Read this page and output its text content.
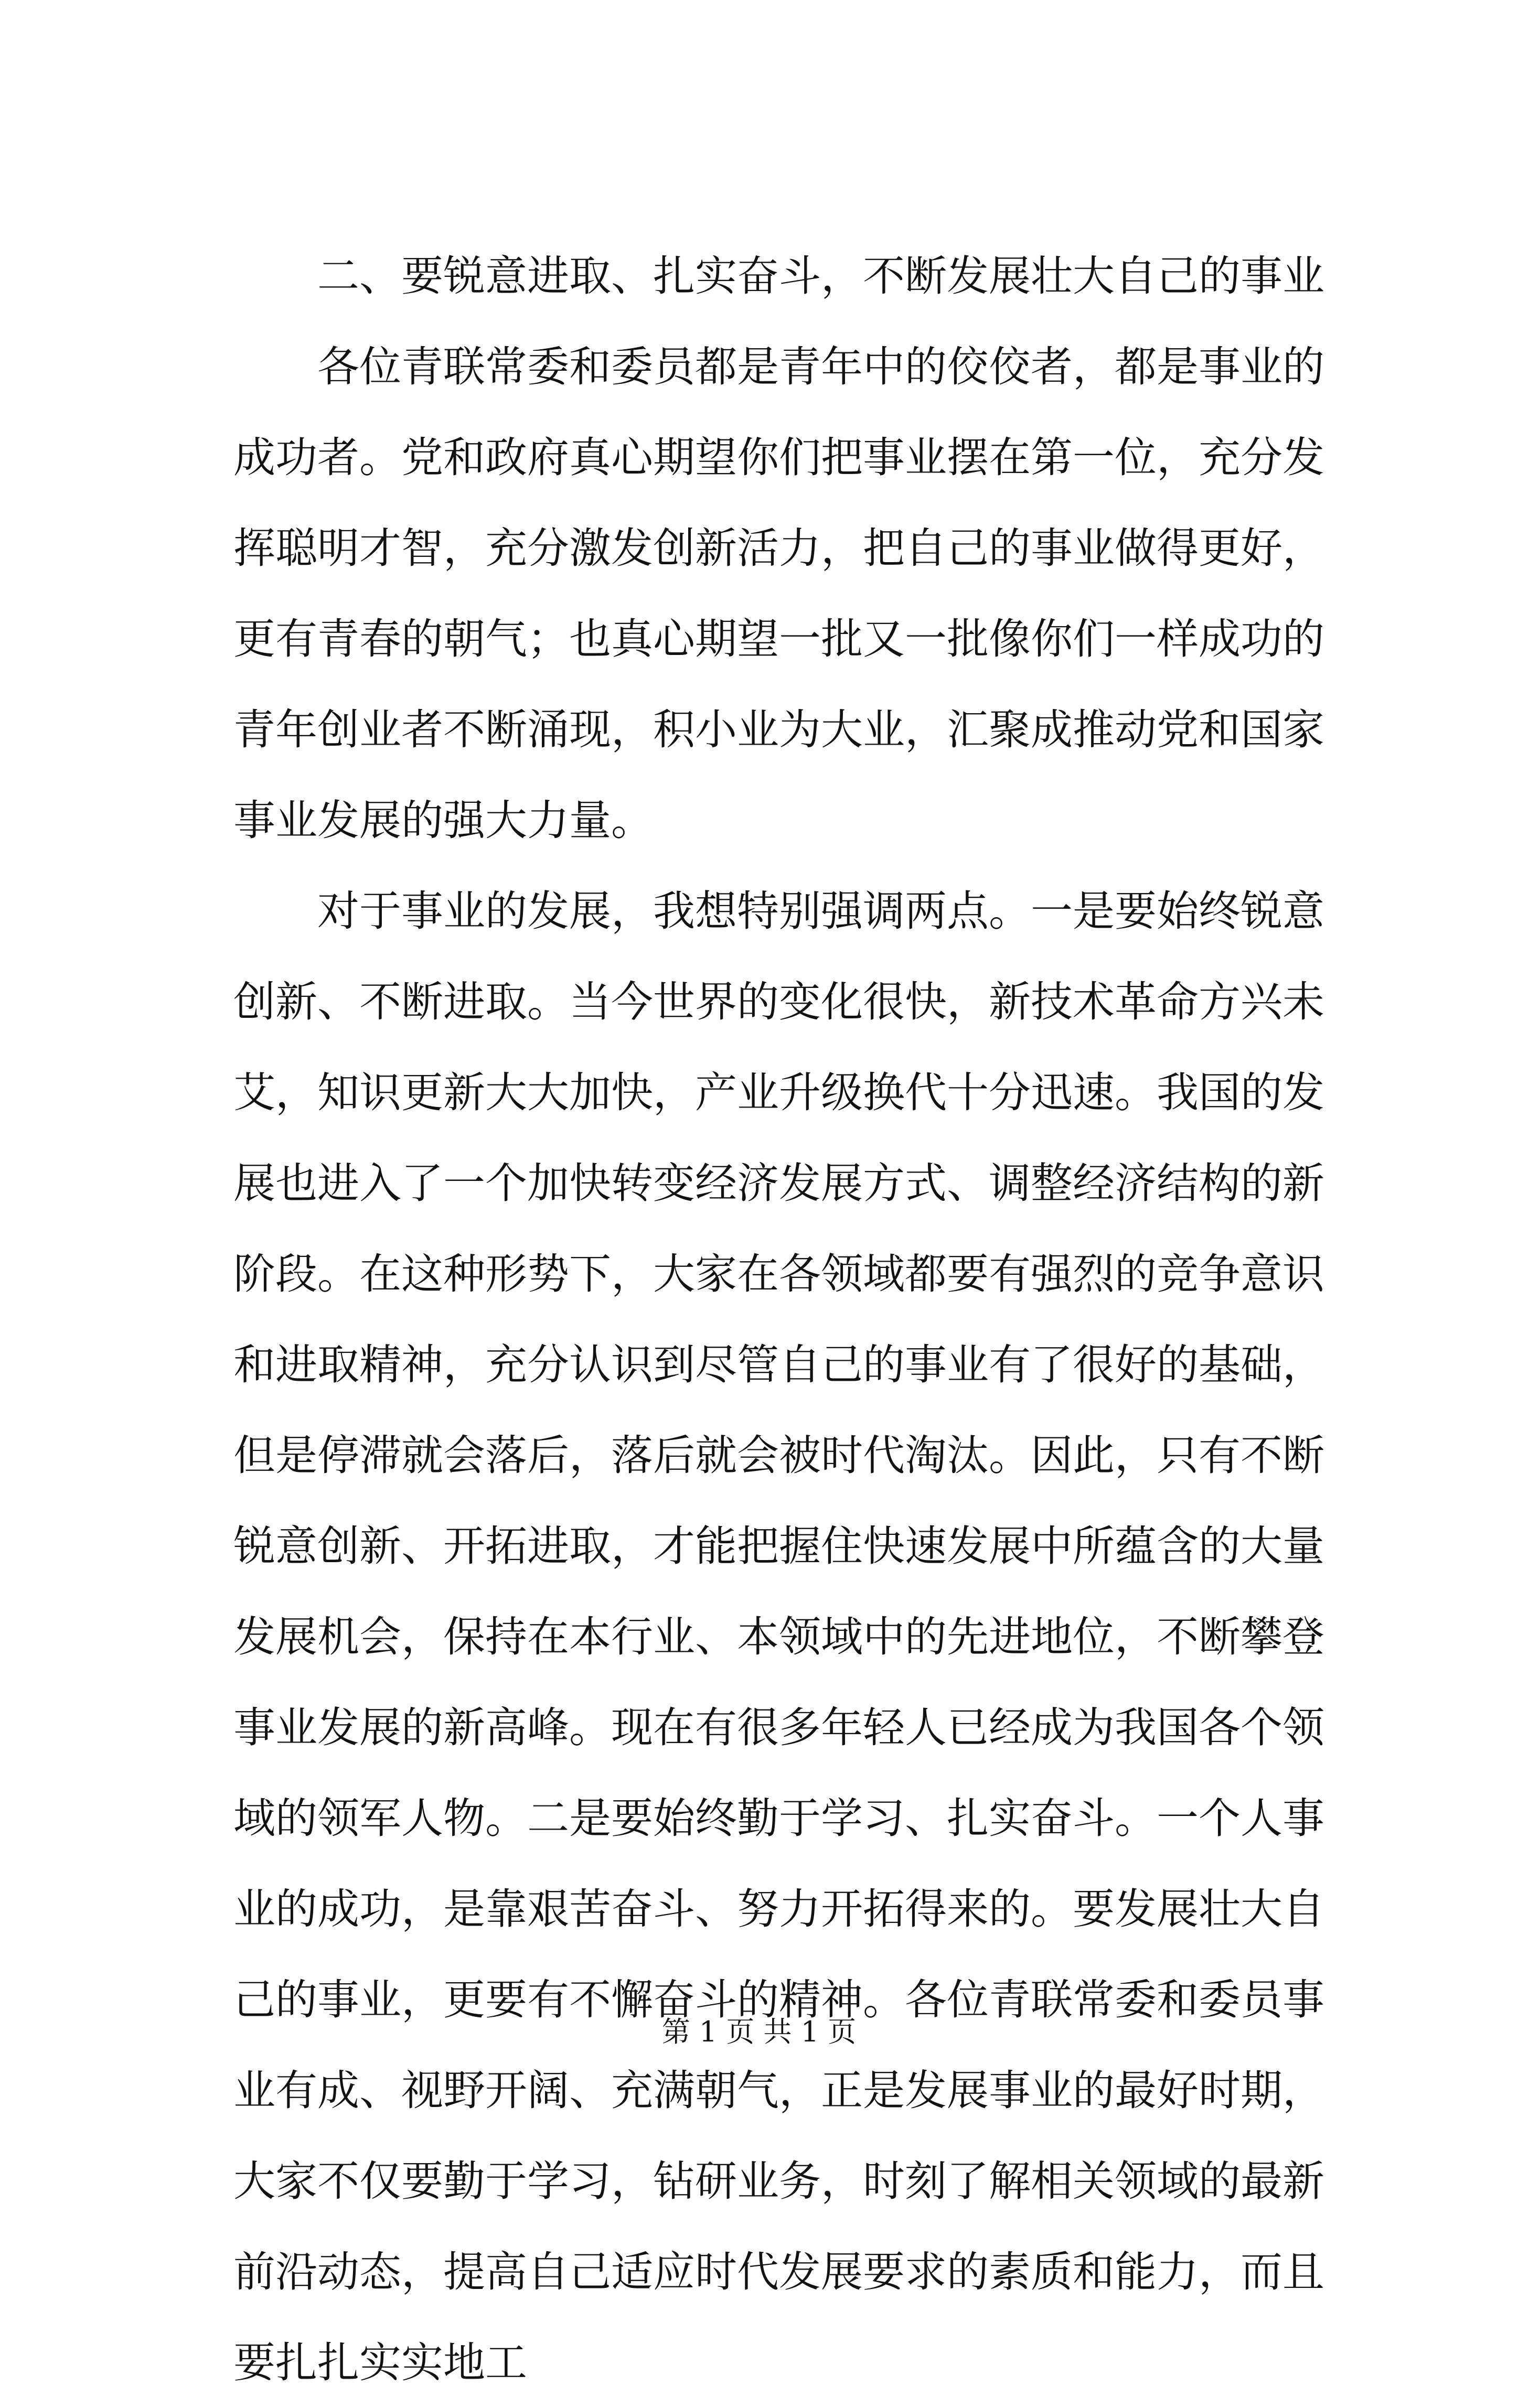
二、要锐意进取、扎实奋斗，不断发展壮大自己的事业

各位青联常委和委员都是青年中的佼佼者，都是事业的成功者。党和政府真心期望你们把事业摆在第一位，充分发挥聪明才智，充分激发创新活力，把自己的事业做得更好，更有青春的朝气；也真心期望一批又一批像你们一样成功的青年创业者不断涌现，积小业为大业，汇聚成推动党和国家事业发展的强大力量。

对于事业的发展，我想特别强调两点。一是要始终锐意创新、不断进取。当今世界的变化很快，新技术革命方兴未艾，知识更新大大加快，产业升级换代十分迅速。我国的发展也进入了一个加快转变经济发展方式、调整经济结构的新阶段。在这种形势下，大家在各领域都要有强烈的竞争意识和进取精神，充分认识到尽管自己的事业有了很好的基础，但是停滞就会落后，落后就会被时代淘汰。因此，只有不断锐意创新、开拓进取，才能把握住快速发展中所蕴含的大量发展机会，保持在本行业、本领域中的先进地位，不断攀登事业发展的新高峰。现在有很多年轻人已经成为我国各个领域的领军人物。二是要始终勤于学习、扎实奋斗。一个人事业的成功，是靠艰苦奋斗、努力开拓得来的。要发展壮大自己的事业，更要有不懈奋斗的精神。各位青联常委和委员事业有成、视野开阔、充满朝气，正是发展事业的最好时期，大家不仅要勤于学习，钻研业务，时刻了解相关领域的最新前沿动态，提高自己适应时代发展要求的素质和能力，而且要扎扎实实地工

第 1 页 共 1 页
